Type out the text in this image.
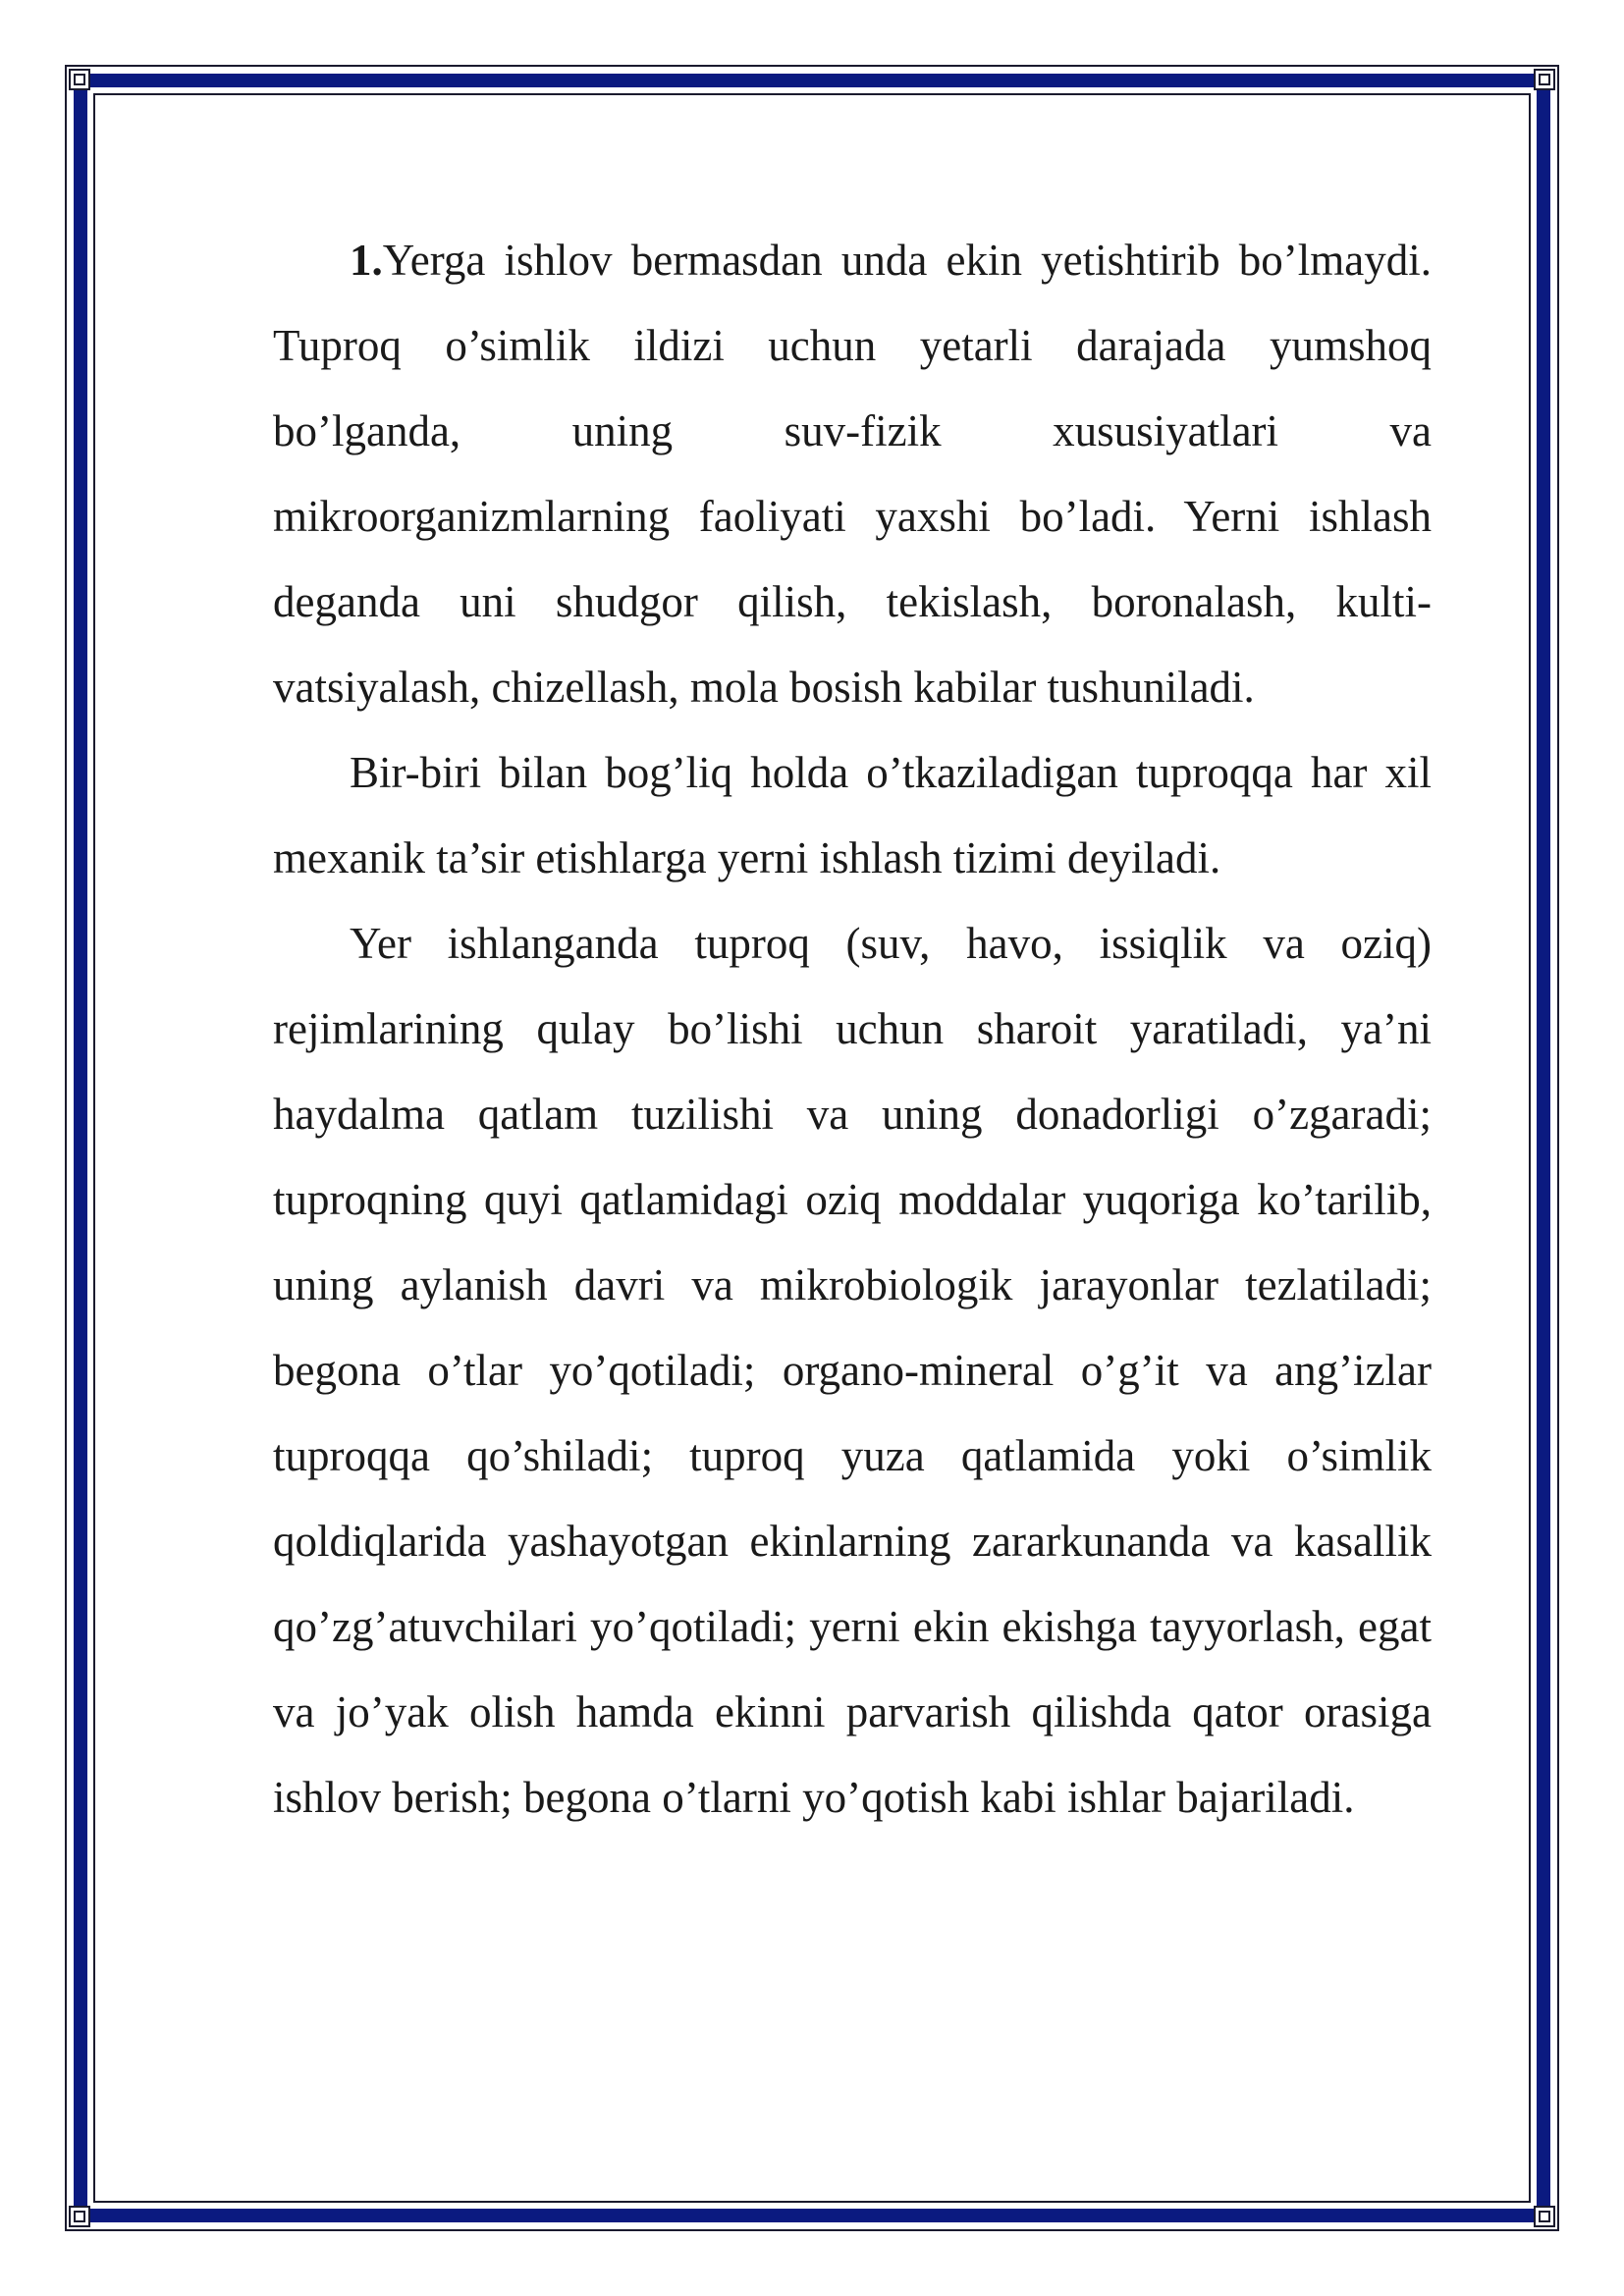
1.Yerga ishlov bermasdan unda ekin yetishtirib bo’lmaydi. Tuproq o’simlik ildizi uchun yetarli darajada yumshoq bo’lganda, uning suv-fizik xususiyatlari va mikroorganizmlarning faoliyati yaxshi bo’ladi. Yerni ishlash deganda uni shudgor qilish, tekislash, boronalash, kulti-vatsiyalash, chizellash, mola bosish kabilar tushuniladi.

Bir-biri bilan bog’liq holda o’tkaziladigan tuproqqa har xil mexanik ta’sir etishlarga yerni ishlash tizimi deyiladi.

Yer ishlanganda tuproq (suv, havo, issiqlik va oziq) rejimlarining qulay bo’lishi uchun sharoit yaratiladi, ya’ni haydalma qatlam tuzilishi va uning donadorligi o’zgaradi; tuproqning quyi qatlamidagi oziq moddalar yuqoriga ko’tarilib, uning aylanish davri va mikrobiologik jarayonlar tezlatiladi; begona o’tlar yo’qotiladi; organo-mineral o’g’it va ang’izlar tuproqqa qo’shiladi; tuproq yuza qatlamida yoki o’simlik qoldiqlarida yashayotgan ekinlarning zararkunanda va kasallik qo’zg’atuvchilari yo’qotiladi; yerni ekin ekishga tayyorlash, egat va jo’yak olish hamda ekinni parvarish qilishda qator orasiga ishlov berish; begona o’tlarni yo’qotish kabi ishlar bajariladi.
